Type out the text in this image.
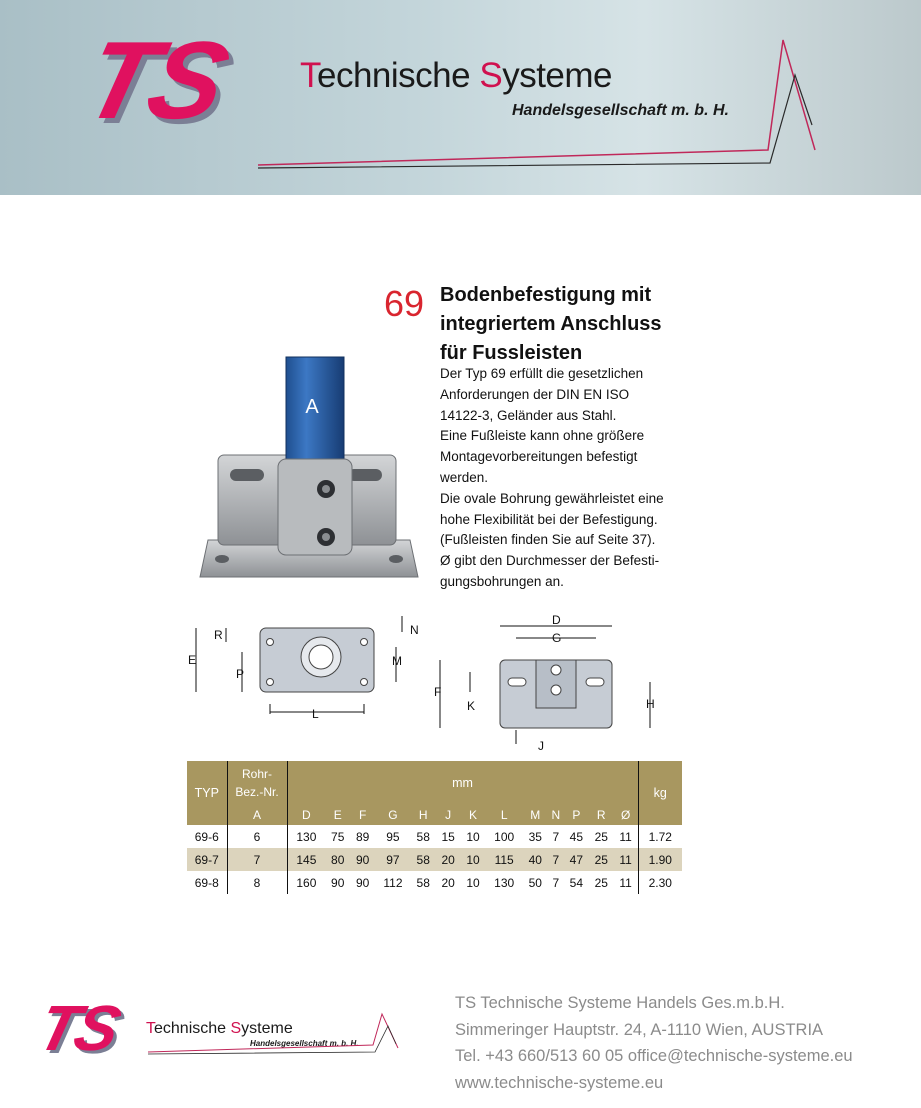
TS Technische Systeme
Handelsgesellschaft m. b. H.
69 Bodenbefestigung mit
integriertem Anschluss
für Fussleisten

Der Typ 69 erfüllt die gesetzlichen

Anforderungen der DIN EN ISO

14122-3, Geländer aus Stahl.

Eine Fußleiste kann ohne größere

Montagevorbereitungen befestigt

werden.

Die ovale Bohrung gewährleistet eine

hohe Flexibilität bei der Befestigung.

(Fußleisten finden Sie auf Seite 37).

Ø gibt den Durchmesser der Befesti-

gungsbohrungen an.

A
R
E
P
L
N
M
D
G
F
K	H
J
TYP	Rohr-
Bez.-Nr.	mm													kg
	A	D	E	F	G	H	J	K	L	M	N	P	R	Ø	
69-6	6	130	75	89	95	58	15	10	100	35	7	45	25	11	1.72
69-7	7	145	80	90	97	58	20	10	115	40	7	47	25	11	1.90
69-8	8	160	90	90	112	58	20	10	130	50	7	54	25	11	2.30
TS Technische Systeme
Handelsgesellschaft m. b. H.
TS Technische Systeme Handels Ges.m.b.H.
Simmeringer Hauptstr. 24, A-1110 Wien, AUSTRIA
Tel. +43 660/513 60 05 office@technische-systeme.eu
www.technische-systeme.eu
